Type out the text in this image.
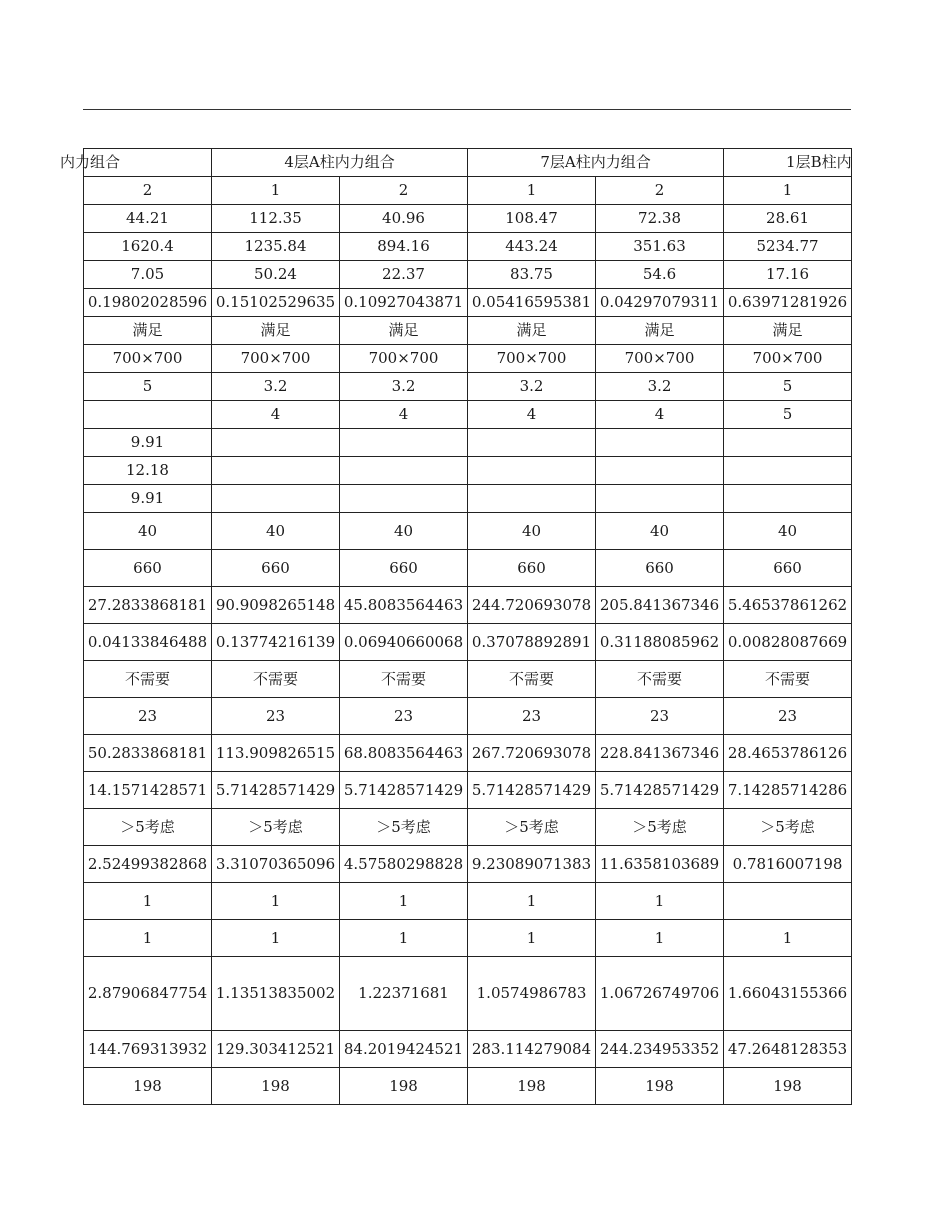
内力组合	4层A柱内力组合		7层A柱内力组合		1层B柱内
2	1	2	1	2	1
44.21	112.35	40.96	108.47	72.38	28.61
1620.4	1235.84	894.16	443.24	351.63	5234.77
7.05	50.24	22.37	83.75	54.6	17.16
0.19802028596	0.15102529635	0.10927043871	0.05416595381	0.04297079311	0.63971281926
满足	满足	满足	满足	满足	满足
700×700	700×700	700×700	700×700	700×700	700×700
5	3.2	3.2	3.2	3.2	5
	4	4	4	4	5
9.91					
12.18					
9.91					
40	40	40	40	40	40
660	660	660	660	660	660
27.2833868181	90.9098265148	45.8083564463	244.720693078	205.841367346	5.46537861262
0.04133846488	0.13774216139	0.06940660068	0.37078892891	0.31188085962	0.00828087669
不需要	不需要	不需要	不需要	不需要	不需要
23	23	23	23	23	23
50.2833868181	113.909826515	68.8083564463	267.720693078	228.841367346	28.4653786126
14.1571428571	5.71428571429	5.71428571429	5.71428571429	5.71428571429	7.14285714286
＞5考虑	＞5考虑	＞5考虑	＞5考虑	＞5考虑	＞5考虑
2.52499382868	3.31070365096	4.57580298828	9.23089071383	11.6358103689	0.7816007198
1	1	1	1	1	
1	1	1	1	1	1
2.87906847754	1.13513835002	1.22371681	1.0574986783	1.06726749706	1.66043155366
144.769313932	129.303412521	84.2019424521	283.114279084	244.234953352	47.2648128353
198	198	198	198	198	198
